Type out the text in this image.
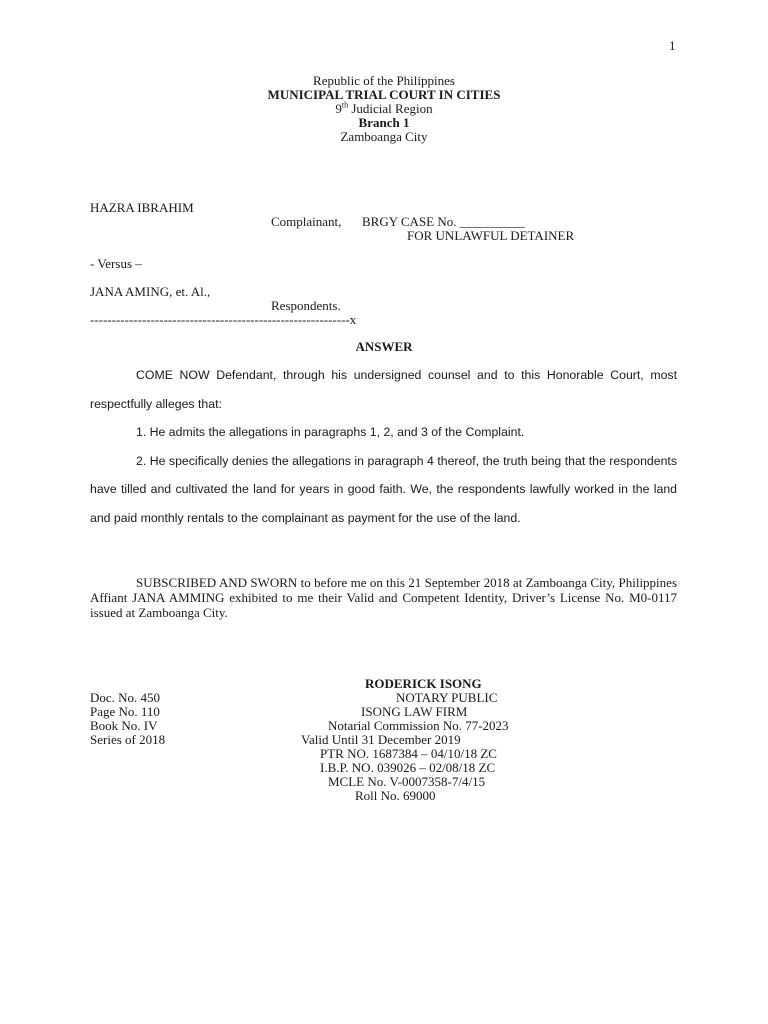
1
Republic of the Philippines
MUNICIPAL TRIAL COURT IN CITIES
9th Judicial Region
Branch 1
Zamboanga City
HAZRA IBRAHIM
Complainant, BRGY CASE No. __________
FOR UNLAWFUL DETAINER
- Versus –
JANA AMING, et. Al.,
Respondents.
------------------------------------------------------------x
ANSWER

COME NOW Defendant, through his undersigned counsel and to this Honorable Court, most respectfully alleges that:

1. He admits the allegations in paragraphs 1, 2, and 3 of the Complaint.

2. He specifically denies the allegations in paragraph 4 thereof, the truth being that the respondents have tilled and cultivated the land for years in good faith. We, the respondents lawfully worked in the land and paid monthly rentals to the complainant as payment for the use of the land.

SUBSCRIBED AND SWORN to before me on this 21 September 2018 at Zamboanga City, Philippines Affiant JANA AMMING exhibited to me their Valid and Competent Identity, Driver’s License No. M0-0117 issued at Zamboanga City.
RODERICK ISONG
NOTARY PUBLIC
ISONG LAW FIRM
Notarial Commission No. 77-2023
Valid Until 31 December 2019
PTR NO. 1687384 – 04/10/18 ZC
I.B.P. NO. 039026 – 02/08/18 ZC
MCLE No. V-0007358-7/4/15
Roll No. 69000
Doc. No. 450
Page No. 110
Book No. IV
Series of 2018
